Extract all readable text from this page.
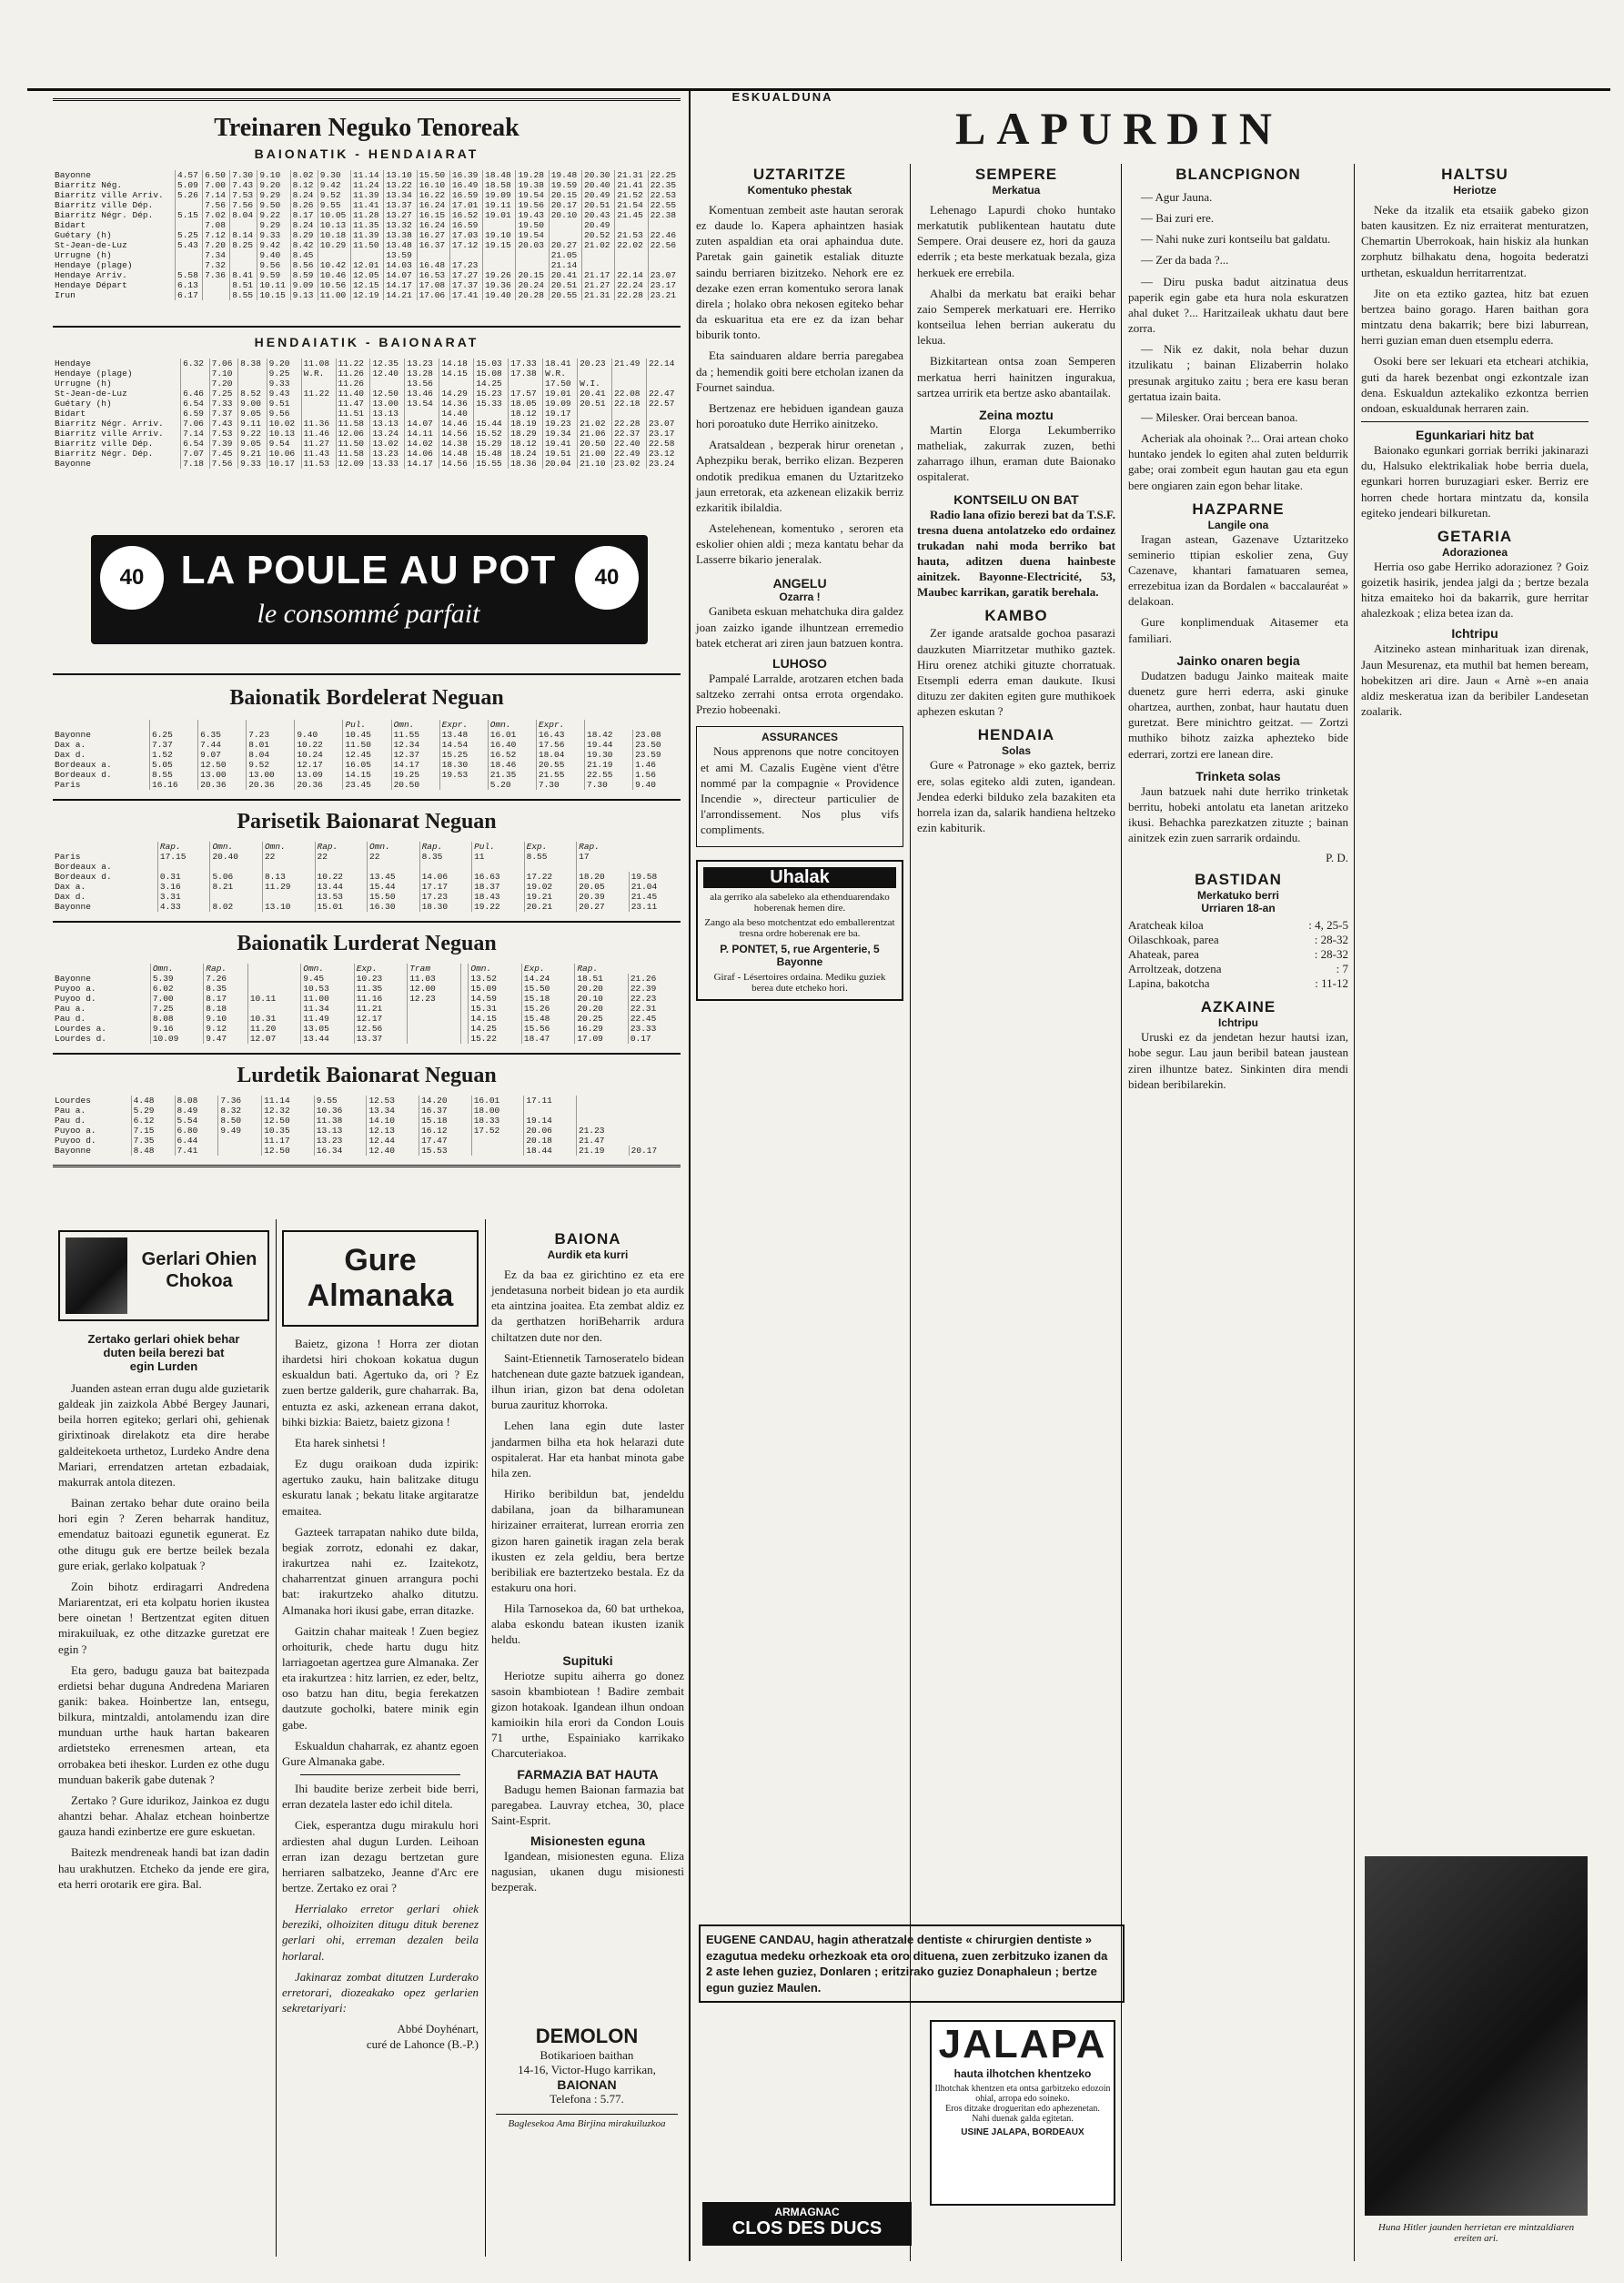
ESKUALDUNA
LAPURDIN
Treinaren Neguko Tenoreak
BAIONATIK - HENDAIARAT
Bayonne	4.57	6.50	7.30	9.10	8.02	9.30	11.14	13.10	15.50	16.39	18.48	19.28	19.48	20.30	21.31	22.25
Biarritz Nég.	5.09	7.00	7.43	9.20	8.12	9.42	11.24	13.22	16.10	16.49	18.58	19.38	19.59	20.40	21.41	22.35
Biarritz ville Arriv.	5.26	7.14	7.53	9.29	8.24	9.52	11.39	13.34	16.22	16.59	19.09	19.54	20.15	20.49	21.52	22.53
Biarritz ville Dép.		7.56	7.56	9.50	8.26	9.55	11.41	13.37	16.24	17.01	19.11	19.56	20.17	20.51	21.54	22.55
Biarritz Négr. Dép.	5.15	7.02	8.04	9.22	8.17	10.05	11.28	13.27	16.15	16.52	19.01	19.43	20.10	20.43	21.45	22.38
Bidart		7.08		9.29	8.24	10.13	11.35	13.32	16.24	16.59		19.50		20.49		
Guétary (h)	5.25	7.12	8.14	9.33	8.29	10.18	11.39	13.38	16.27	17.03	19.10	19.54		20.52	21.53	22.46
St-Jean-de-Luz	5.43	7.20	8.25	9.42	8.42	10.29	11.50	13.48	16.37	17.12	19.15	20.03	20.27	21.02	22.02	22.56
Urrugne (h)		7.34		9.40	8.45			13.59					21.05			
Hendaye (plage)		7.32		9.56	8.56	10.42	12.01	14.03	16.48	17.23			21.14			
Hendaye Arriv.	5.58	7.36	8.41	9.59	8.59	10.46	12.05	14.07	16.53	17.27	19.26	20.15	20.41	21.17	22.14	23.07
Hendaye Départ	6.13		8.51	10.11	9.09	10.56	12.15	14.17	17.08	17.37	19.36	20.24	20.51	21.27	22.24	23.17
Irun	6.17		8.55	10.15	9.13	11.00	12.19	14.21	17.06	17.41	19.40	20.28	20.55	21.31	22.28	23.21
HENDAIATIK - BAIONARAT
Hendaye	6.32	7.06	8.38	9.20	11.08	11.22	12.35	13.23	14.18	15.03	17.33	18.41	20.23	21.49	22.14
Hendaye (plage)		7.10		9.25	W.R.	11.26	12.40	13.28	14.15	15.08	17.38	W.R.			
Urrugne (h)		7.20		9.33		11.26		13.56		14.25		17.50	W.I.		
St-Jean-de-Luz	6.46	7.25	8.52	9.43	11.22	11.40	12.50	13.46	14.29	15.23	17.57	19.01	20.41	22.08	22.47
Guétary (h)	6.54	7.33	9.00	9.51		11.47	13.00	13.54	14.36	15.33	18.05	19.09	20.51	22.18	22.57
Bidart	6.59	7.37	9.05	9.56		11.51	13.13		14.40		18.12	19.17			
Biarritz Négr. Arriv.	7.06	7.43	9.11	10.02	11.36	11.58	13.13	14.07	14.46	15.44	18.19	19.23	21.02	22.28	23.07
Biarritz ville Arriv.	7.14	7.53	9.22	10.13	11.46	12.06	13.24	14.11	14.56	15.52	18.29	19.34	21.06	22.37	23.17
Biarritz ville Dép.	6.54	7.39	9.05	9.54	11.27	11.50	13.02	14.02	14.38	15.29	18.12	19.41	20.50	22.40	22.58
Biarritz Négr. Dép.	7.07	7.45	9.21	10.06	11.43	11.58	13.23	14.06	14.48	15.48	18.24	19.51	21.00	22.49	23.12
Bayonne	7.18	7.56	9.33	10.17	11.53	12.09	13.33	14.17	14.56	15.55	18.36	20.04	21.10	23.02	23.24
40	40
LA POULE AU POT
le consommé parfait
Baionatik Bordelerat Neguan
					Pul.	Omn.	Expr.	Omn.	Expr.		
Bayonne	6.25	6.35	7.23	9.40	10.45	11.55	13.48	16.01	16.43	18.42	23.08
Dax a.	7.37	7.44	8.01	10.22	11.50	12.34	14.54	16.40	17.56	19.44	23.50
Dax d.	1.52	9.07	8.04	10.24	12.45	12.37	15.25	16.52	18.04	19.30	23.59
Bordeaux a.	5.05	12.50	9.52	12.17	16.05	14.17	18.30	18.46	20.55	21.19	1.46
Bordeaux d.	8.55	13.00	13.00	13.09	14.15	19.25	19.53	21.35	21.55	22.55	1.56
Paris	16.16	20.36	20.36	20.36	23.45	20.50		5.20	7.30	7.30	9.40
Parisetik Baionarat Neguan
	Rap.	Omn.	Omn.	Rap.	Omn.	Rap.	Pul.	Exp.	Rap.	
Paris	17.15	20.40	22	22	22	8.35	11	8.55	17	
Bordeaux a.										
Bordeaux d.	0.31	5.06	8.13	10.22	13.45	14.06	16.63	17.22	18.20	19.58
Dax a.	3.16	8.21	11.29	13.44	15.44	17.17	18.37	19.02	20.05	21.04
Dax d.	3.31			13.53	15.50	17.23	18.43	19.21	20.39	21.45
Bayonne	4.33	8.02	13.10	15.01	16.30	18.30	19.22	20.21	20.27	23.11
Baionatik Lurderat Neguan
	Omn.	Rap.		Omn.	Exp.	Tram		Omn.	Exp.	Rap.	
Bayonne	5.39	7.26		9.45	10.23	11.03		13.52	14.24	18.51	21.26
Puyoo a.	6.02	8.35		10.53	11.35	12.00		15.09	15.50	20.20	22.39
Puyoo d.	7.00	8.17	10.11	11.00	11.16	12.23		14.59	15.18	20.10	22.23
Pau a.	7.25	8.18		11.34	11.21			15.31	15.26	20.20	22.31
Pau d.	8.08	9.10	10.31	11.49	12.17			14.15	15.48	20.25	22.45
Lourdes a.	9.16	9.12	11.20	13.05	12.56			14.25	15.56	16.29	23.33
Lourdes d.	10.09	9.47	12.07	13.44	13.37			15.22	18.47	17.09	0.17
Lurdetik Baionarat Neguan
Lourdes	4.48	8.08	7.36	11.14	9.55	12.53	14.20	16.01	17.11		
Pau a.	5.29	8.49	8.32	12.32	10.36	13.34	16.37	18.00			
Pau d.	6.12	5.54	8.50	12.50	11.38	14.10	15.18	18.33	19.14		
Puyoo a.	7.15	6.80	9.49	10.35	13.13	12.13	16.12	17.52	20.06	21.23	
Puyoo d.	7.35	6.44		11.17	13.23	12.44	17.47		20.18	21.47	
Bayonne	8.48	7.41		12.50	16.34	12.40	15.53		18.44	21.19	20.17
Gerlari Ohien Chokoa
Zertako gerlari ohiek behar
duten beila berezi bat
egin Lurden

Juanden astean erran dugu alde guzietarik galdeak jin zaizkola Abbé Bergey Jaunari, beila horren egiteko; gerlari ohi, gehienak girixtinoak direlakotz eta dire herabe galdeitekoeta urthetoz, Lurdeko Andre dena Mariari, errendatzen artetan ezbadaiak, makurrak antola ditezen.

Bainan zertako behar dute oraino beila hori egin ? Zeren beharrak handituz, emendatuz baitoazi egunetik egunerat. Ez othe ditugu guk ere bertze beilek bezala gure eriak, gerlako kolpatuak ?

Zoin bihotz erdiragarri Andredena Mariarentzat, eri eta kolpatu horien ikustea bere oinetan ! Bertzentzat egiten dituen mirakuiluak, ez othe ditzazke guretzat ere egin ?

Eta gero, badugu gauza bat baitezpada erdietsi behar duguna Andredena Mariaren ganik: bakea. Hoinbertze lan, entsegu, bilkura, mintzaldi, antolamendu izan dire munduan urthe hauk hartan bakearen ardietsteko errenesmen artean, eta orrobakea beti iheskor. Lurden ez othe dugu munduan bakerik gabe dutenak ?

Zertako ? Gure idurikoz, Jainkoa ez dugu ahantzi behar. Ahalaz etchean hoinbertze gauza handi ezinbertze ere gure eskuetan.

Baitezk mendreneak handi bat izan dadin hau urakhutzen. Etcheko da jende ere gira, eta herri orotarik ere gira. Bal.

Gure Almanaka

Baietz, gizona ! Horra zer diotan ihardetsi hiri chokoan kokatua dugun eskualdun bati. Agertuko da, ori ? Ez zuen bertze galderik, gure chaharrak. Ba, entuzta ez aski, azkenean errana dakot, bihki bizkia: Baietz, baietz gizona !

Eta harek sinhetsi !

Ez dugu oraikoan duda izpirik: agertuko zauku, hain balitzake ditugu eskuratu lanak ; bekatu litake argitaratze emaitea.

Gazteek tarrapatan nahiko dute bilda, begiak zorrotz, edonahi ez dakar, irakurtzea nahi ez. Izaitekotz, chaharrentzat ginuen arrangura pochi bat: irakurtzeko ahalko ditutzu. Almanaka hori ikusi gabe, erran ditazke.

Gaitzin chahar maiteak ! Zuen begiez orhoiturik, chede hartu dugu hitz larriagoetan agertzea gure Almanaka. Zer eta irakurtzea : hitz larrien, ez eder, beltz, oso batzu han ditu, begia ferekatzen dautzute gocholki, batere minik egin gabe.

Eskualdun chaharrak, ez ahantz egoen Gure Almanaka gabe.

Ihi baudite berize zerbeit bide berri, erran dezatela laster edo ichil ditela.

Ciek, esperantza dugu mirakulu hori ardiesten ahal dugun Lurden. Leihoan erran izan dezagu bertzetan gure herriaren salbatzeko, Jeanne d'Arc ere bertze. Zertako ez orai ?

Herrialako erretor gerlari ohiek bereziki, olhoiziten ditugu dituk berenez gerlari ohi, erreman dezalen beila horlaral.

Jakinaraz zombat ditutzen Lurderako erretorari, diozeakako opez gerlarien sekretariyari:

Abbé Doyhénart,
curé de Lahonce (B.-P.)
BAIONA
Aurdik eta kurri

Ez da baa ez girichtino ez eta ere jendetasuna norbeit bidean jo eta aurdik eta aintzina joaitea. Eta zembat aldiz ez da gerthatzen horiBeharrik ardura chiltatzen dute nor den.

Saint-Etiennetik Tarnoseratelo bidean hatchenean dute gazte batzuek igandean, ilhun irian, gizon bat dena odoletan burua zaurituz khorroka.

Lehen lana egin dute laster jandarmen bilha eta hok helarazi dute ospitalerat. Har eta hanbat minota gabe hila zen.

Hiriko beribildun bat, jendeldu dabilana, joan da bilharamunean hirizainer erraiterat, lurrean erorria zen gizon haren gainetik iragan zela berak ikusten ez zela geldiu, bera bertze beribiliak ere baztertzeko bestala. Ez da estakuru ona hori.

Hila Tarnosekoa da, 60 bat urthekoa, alaba eskondu batean ikusten izanik heldu.

Supituki

Heriotze supitu aiherra go donez sasoin kbambiotean ! Badire zembait gizon hotakoak. Igandean ilhun ondoan kamioikin hila erori da Condon Louis 71 urthe, Espainiako karrikako Charcuteriakoa.

FARMAZIA BAT HAUTA

Badugu hemen Baionan farmazia bat paregabea. Lauvray etchea, 30, place Saint-Esprit.

Misionesten eguna

Igandean, misionesten eguna. Eliza nagusian, ukanen dugu misionesti bezperak.

DEMOLON
Botikarioen baithan
14-16, Victor-Hugo karrikan,
BAIONAN
Telefona : 5.77.
Baglesekoa Ama Birjina mirakuiluzkoa
UZTARITZE
Komentuko phestak

Komentuan zembeit aste hautan serorak ez daude lo. Kapera aphaintzen hasiak zuten aspaldian eta orai aphaindua dute. Paretak gain gainetik estaliak dituzte saindu berriaren bizitzeko. Nehork ere ez dezake ezen erran komentuko serora lanak direla ; holako obra nekosen egiteko behar da eskuaritua eta ere ez da izan behar biburik tonto.

Eta sainduaren aldare berria paregabea da ; hemendik goiti bere etcholan izanen da Fournet saindua.

Bertzenaz ere hebiduen igandean gauza hori poroatuko dute Herriko ainitzeko.

Aratsaldean , bezperak hirur orenetan , Aphezpiku berak, berriko elizan. Bezperen ondotik predikua emanen du Uztaritzeko jaun erretorak, eta azkenean elizakik berriz ezkaritik ibilaldia.

Astelehenean, komentuko , seroren eta eskolier ohien aldi ; meza kantatu behar da Lasserre bikario jeneralak.

ANGELU
Ozarra !

Ganibeta eskuan mehatchuka dira galdez joan zaizko igande ilhuntzean erremedio batek etcherat ari ziren jaun batzuen kontra.

LUHOSO

Pampalé Larralde, arotzaren etchen bada saltzeko zerrahi ontsa errota orgendako. Prezio hobeenaki.

ASSURANCES

Nous apprenons que notre concitoyen et ami M. Cazalis Eugène vient d'être nommé par la compagnie « Providence Incendie », directeur particulier de l'arrondissement. Nos plus vifs compliments.

Uhalak
ala gerriko ala sabeleko ala ethenduarendako hoberenak hemen dire.
Zango ala beso motchentzat edo emballerentzat tresna ordre hoberenak ere ba.
P. PONTET, 5, rue Argenterie, 5
Bayonne
Giraf - Lésertoires ordaina. Mediku guziek berea dute etcheko hori.
SEMPERE
Merkatua

Lehenago Lapurdi choko huntako merkatutik publikentean hautatu dute Sempere. Orai deusere ez, hori da gauza ederrik ; eta beste merkatuak bezala, giza herkuek ere errebila.

Ahalbi da merkatu bat eraiki behar zaio Semperek merkatuari ere. Herriko kontseilua lehen berrian aukeratu du lekua.

Bizkitartean ontsa zoan Semperen merkatua herri hainitzen ingurakua, sartzea urririk eta bertze asko abantailak.

Zeina moztu

Martin Elorga Lekumberriko matheliak, zakurrak zuzen, bethi zaharrago ilhun, eraman dute Baionako ospitalerat.

KONTSEILU ON BAT

Radio lana ofizio berezi bat da T.S.F. tresna duena antolatzeko edo ordainez trukadan nahi moda berriko bat hauta, aditzen duena hainbeste ainitzek. Bayonne-Electricité, 53, Maubec karrikan, garatik berehala.

KAMBO

Zer igande aratsalde gochoa pasarazi dauzkuten Miarritzetar muthiko gaztek. Hiru orenez atchiki gituzte chorratuak. Etsempli ederra eman daukute. Ikusi dituzu zer dakiten egiten gure muthikoek aphezen eskutan ?

HENDAIA
Solas

Gure « Patronage » eko gaztek, berriz ere, solas egiteko aldi zuten, igandean. Jendea ederki bilduko zela bazakiten eta horrela izan da, salarik handiena heltzeko ezin kabiturik.

EUGENE CANDAU, hagin atheratzale dentiste « chirurgien dentiste » ezagutua medeku orhezkoak eta oro dituena, zuen zerbitzuko izanen da 2 aste lehen guziez, Donlaren ; eritzirako guziez Donaphaleun ; bertze egun guziez Maulen.
JALAPA
hauta ilhotchen khentzeko
Ilhotchak khentzen eta ontsa garbitzeko edozoin ohial, arropa edo soineko.
Eros ditzake drogueritan edo aphezenetan.
Nahi duenak galda egitetan.
USINE JALAPA, BORDEAUX
ARMAGNAC
CLOS DES DUCS
BLANCPIGNON

— Agur Jauna.

— Bai zuri ere.

— Nahi nuke zuri kontseilu bat galdatu.

— Zer da bada ?...

— Diru puska badut aitzinatua deus paperik egin gabe eta hura nola eskuratzen ahal duket ?... Haritzaileak ukhatu daut bere zorra.

— Nik ez dakit, nola behar duzun itzulikatu ; bainan Elizaberrin holako presunak argituko zaitu ; bera ere kasu beran gertatua izain baita.

— Milesker. Orai bercean banoa.

Acheriak ala ohoinak ?... Orai artean choko huntako jendek lo egiten ahal zuten beldurrik gabe; orai zombeit egun hautan gau eta egun bere ongiaren zain egon behar litake.

HAZPARNE
Langile ona

Iragan astean, Gazenave Uztaritzeko seminerio ttipian eskolier zena, Guy Cazenave, khantari famatuaren semea, errezebitua izan da Bordalen « baccalauréat » delakoan.

Gure konplimenduak Aitasemer eta familiari.

Jainko onaren begia

Dudatzen badugu Jainko maiteak maite duenetz gure herri ederra, aski ginuke ohartzea, aurthen, zonbat, haur hautatu duen guretzat. Bere minichtro geitzat. — Zortzi muthiko bihotz zaizka aphezteko bide ederrari, zortzi ere lanean dire.

Trinketa solas

Jaun batzuek nahi dute herriko trinketak berritu, hobeki antolatu eta lanetan aritzeko ikusi. Behachka parezkatzen zituzte ; bainan ainitzek ezin zuen sarrarik ordaindu.

P. D.
BASTIDAN
Merkatuko berri
Urriaren 18-an
Aratcheak kiloa	: 4, 25-5
Oilaschkoak, parea	: 28-32
Ahateak, parea	: 28-32
Arroltzeak, dotzena	: 7
Lapina, bakotcha	: 11-12
AZKAINE
Ichtripu

Uruski ez da jendetan hezur hautsi izan, hobe segur. Lau jaun beribil batean jaustean ziren ilhuntze batez. Sinkinten dira mendi bidean beribilarekin.

HALTSU
Heriotze

Neke da itzalik eta etsaiik gabeko gizon baten kausitzen. Ez niz erraiterat menturatzen, Chemartin Uberrokoak, hain hiskiz ala hunkan zorphutz bilhakatu dena, hogoita bederatzi urthetan, eskualdun herritarrentzat.

Jite on eta eztiko gaztea, hitz bat ezuen bertzea baino gorago. Haren baithan gora mintzatu dena bakarrik; bere bizi laburrean, herri guzian eman duen etsemplu ederra.

Osoki bere ser lekuari eta etcheari atchikia, guti da harek bezenbat ongi ezkontzale izan dena. Eskualdun aztekaliko ezkontza berrien ondoan, eskualdunak herraren zain.

Egunkariari hitz bat

Baionako egunkari gorriak berriki jakinarazi du, Halsuko elektrikaliak hobe berria duela, egunkari horren buruzagiari esker. Berriz ere horren chede hortara mintzatu da, konsila egiteko jendeari bilkuretan.

GETARIA
Adorazionea

Herria oso gabe Herriko adorazionez ? Goiz goizetik hasirik, jendea jalgi da ; bertze bezala hitza emaiteko hoi da bakarrik, gure herritar ahalezkoak ; eliza betea izan da.

Ichtripu

Aitzineko astean minharituak izan direnak, Jaun Mesurenaz, eta muthil bat hemen beream, hobekitzen ari dire. Jaun « Arnè »-en anaia aldiz meskeratua izan da beribiler Landesetan zoalarik.

Huna Hitler jaunden herrietan ere mintzaldiaren ereiten ari.
